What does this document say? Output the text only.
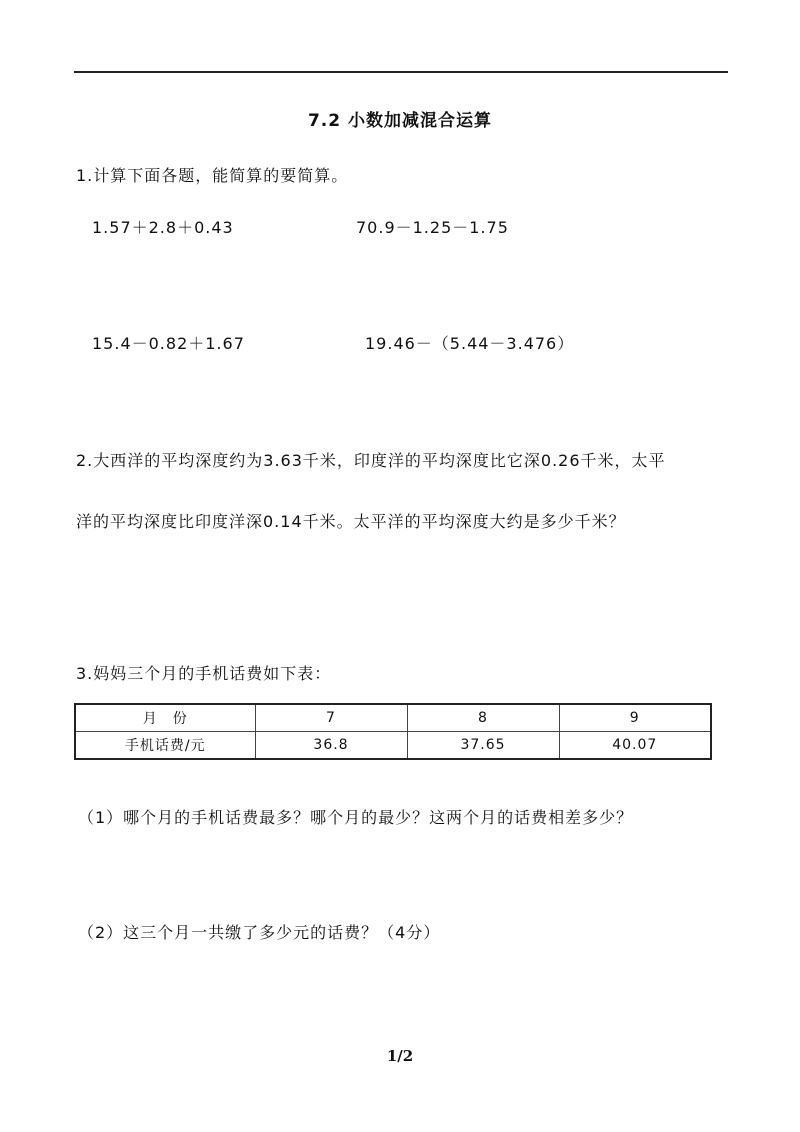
7.2 小数加减混合运算
1.计算下面各题，能简算的要简算。
1.57＋2.8＋0.43	70.9－1.25－1.75
15.4－0.82＋1.67	19.46－（5.44－3.476）
2.大西洋的平均深度约为3.63千米，印度洋的平均深度比它深0.26千米，太平
洋的平均深度比印度洋深0.14千米。太平洋的平均深度大约是多少千米？
3.妈妈三个月的手机话费如下表：
月　份	7	8	9
手机话费/元	36.8	37.65	40.07
（1）哪个月的手机话费最多？哪个月的最少？这两个月的话费相差多少？
（2）这三个月一共缴了多少元的话费？（4分）
1/2
